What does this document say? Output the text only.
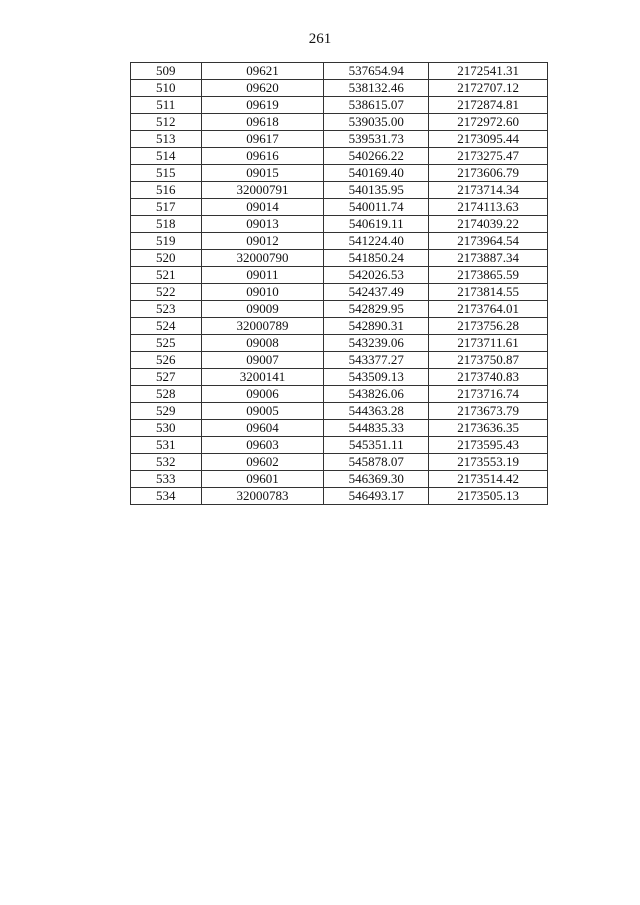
261
509	09621	537654.94	2172541.31
510	09620	538132.46	2172707.12
511	09619	538615.07	2172874.81
512	09618	539035.00	2172972.60
513	09617	539531.73	2173095.44
514	09616	540266.22	2173275.47
515	09015	540169.40	2173606.79
516	32000791	540135.95	2173714.34
517	09014	540011.74	2174113.63
518	09013	540619.11	2174039.22
519	09012	541224.40	2173964.54
520	32000790	541850.24	2173887.34
521	09011	542026.53	2173865.59
522	09010	542437.49	2173814.55
523	09009	542829.95	2173764.01
524	32000789	542890.31	2173756.28
525	09008	543239.06	2173711.61
526	09007	543377.27	2173750.87
527	3200141	543509.13	2173740.83
528	09006	543826.06	2173716.74
529	09005	544363.28	2173673.79
530	09604	544835.33	2173636.35
531	09603	545351.11	2173595.43
532	09602	545878.07	2173553.19
533	09601	546369.30	2173514.42
534	32000783	546493.17	2173505.13
